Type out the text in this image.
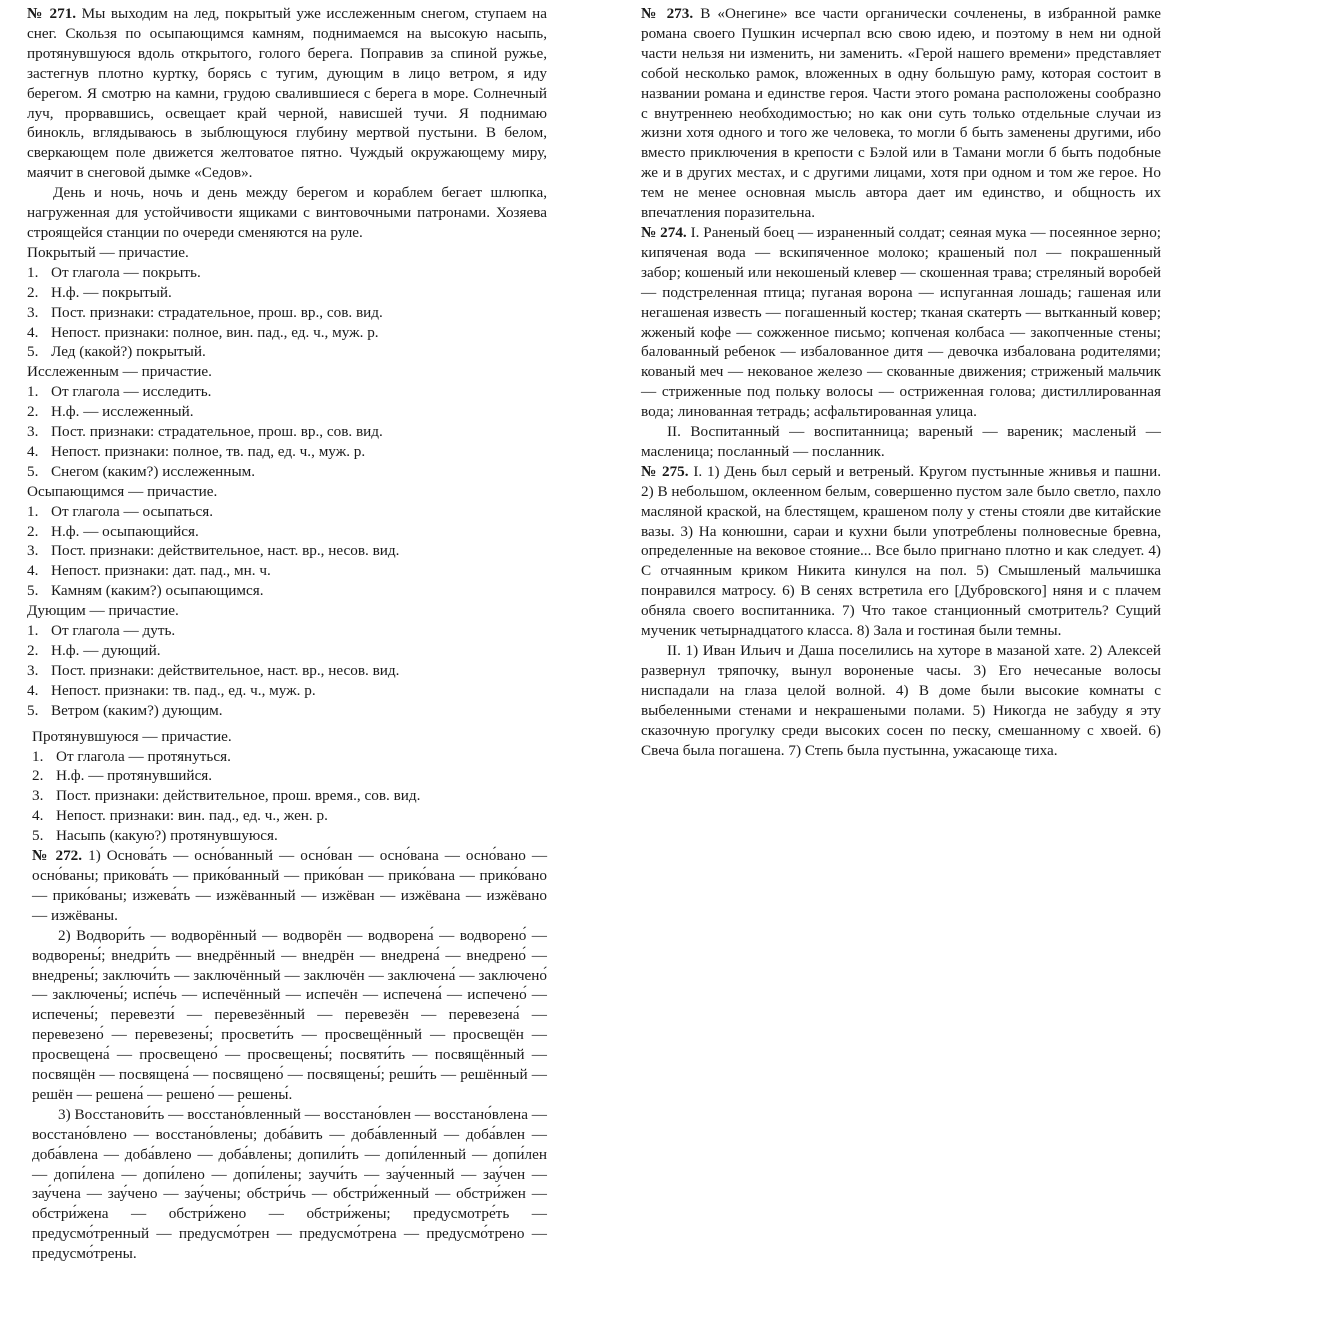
№ 271. Мы выходим на лед, покрытый уже исслеженным снегом, ступаем на снег. Скользя по осыпающимся камням, поднимаемся на высокую насыпь, протянувшуюся вдоль открытого, голого берега. Поправив за спиной ружье, застегнув плотно куртку, борясь с тугим, дующим в лицо ветром, я иду берегом. Я смотрю на камни, грудою свалившиеся с берега в море. Солнечный луч, прорвавшись, освещает край черной, нависшей тучи. Я поднимаю бинокль, вглядываюсь в зыблющуюся глубину мертвой пустыни. В белом, сверкающем поле движется желтоватое пятно. Чуждый окружающему миру, маячит в снеговой дымке «Седов».

День и ночь, ночь и день между берегом и кораблем бегает шлюпка, нагруженная для устойчивости ящиками с винтовочными патронами. Хозяева строящейся станции по очереди сменяются на руле.

Покрытый — причастие.

1. От глагола — покрыть.

2. Н.ф. — покрытый.

3. Пост. признаки: страдательное, прош. вр., сов. вид.

4. Непост. признаки: полное, вин. пад., ед. ч., муж. р.

5. Лед (какой?) покрытый.

Исслеженным — причастие.

1. От глагола — исследить.

2. Н.ф. — исслеженный.

3. Пост. признаки: страдательное, прош. вр., сов. вид.

4. Непост. признаки: полное, тв. пад, ед. ч., муж. р.

5. Снегом (каким?) исслеженным.

Осыпающимся — причастие.

1. От глагола — осыпаться.

2. Н.ф. — осыпающийся.

3. Пост. признаки: действительное, наст. вр., несов. вид.

4. Непост. признаки: дат. пад., мн. ч.

5. Камням (каким?) осыпающимся.

Дующим — причастие.

1. От глагола — дуть.

2. Н.ф. — дующий.

3. Пост. признаки: действительное, наст. вр., несов. вид.

4. Непост. признаки: тв. пад., ед. ч., муж. р.

5. Ветром (каким?) дующим.

Протянувшуюся — причастие.

1. От глагола — протянуться.

2. Н.ф. — протянувшийся.

3. Пост. признаки: действительное, прош. время., сов. вид.

4. Непост. признаки: вин. пад., ед. ч., жен. р.

5. Насыпь (какую?) протянувшуюся.

№ 272. 1) Основа́ть — осно́ванный — осно́ван — осно́вана — осно́вано — осно́ваны; прикова́ть — прико́ванный — прико́ван — прико́вана — прико́вано — прико́ваны; изжева́ть — изжёванный — изжёван — изжёвана — изжёвано — изжёваны.

2) Водвори́ть — водворённый — водворён — водворена́ — водворено́ — водворены́; внедри́ть — внедрённый — внедрён — внедрена́ — внедрено́ — внедрены́; заключи́ть — заключённый — заключён — заключена́ — заключено́ — заключены́; испе́чь — испечённый — испечён — испечена́ — испечено́ — испечены́; перевезти́ — перевезённый — перевезён — перевезена́ — перевезено́ — перевезены́; просвети́ть — просвещённый — просвещён — просвещена́ — просвещено́ — просвещены́; посвяти́ть — посвящённый — посвящён — посвящена́ — посвящено́ — посвящены́; реши́ть — решённый — решён — решена́ — решено́ — решены́.

3) Восстанови́ть — восстано́вленный — восстано́влен — восстано́влена — восстано́влено — восстано́влены; доба́вить — доба́вленный — доба́влен — доба́влена — доба́влено — доба́влены; допили́ть — допи́ленный — допи́лен — допи́лена — допи́лено — допи́лены; заучи́ть — зау́ченный — зау́чен — зау́чена — зау́чено — зау́чены; обстри́чь — обстри́женный — обстри́жен — обстри́жена — обстри́жено — обстри́жены; предусмотре́ть — предусмо́тренный — предусмо́трен — предусмо́трена — предусмо́трено — предусмо́трены.

№ 273. В «Онегине» все части органически сочленены, в избранной рамке романа своего Пушкин исчерпал всю свою идею, и поэтому в нем ни одной части нельзя ни изменить, ни заменить. «Герой нашего времени» представляет собой несколько рамок, вложенных в одну большую раму, которая состоит в названии романа и единстве героя. Части этого романа расположены сообразно с внутреннею необходимостью; но как они суть только отдельные случаи из жизни хотя одного и того же человека, то могли б быть заменены другими, ибо вместо приключения в крепости с Бэлой или в Тамани могли б быть подобные же и в других местах, и с другими лицами, хотя при одном и том же герое. Но тем не менее основная мысль автора дает им единство, и общность их впечатления поразительна.

№ 274. I. Раненый боец — израненный солдат; сеяная мука — посеянное зерно; кипяченая вода — вскипяченное молоко; крашеный пол — покрашенный забор; кошеный или некошеный клевер — скошенная трава; стреляный воробей — подстреленная птица; пуганая ворона — испуганная лошадь; гашеная или негашеная известь — погашенный костер; тканая скатерть — вытканный ковер; жженый кофе — сожженное письмо; копченая колбаса — закопченные стены; балованный ребенок — избалованное дитя — девочка избалована родителями; кованый меч — некованое железо — скованные движения; стриженый мальчик — стриженные под польку волосы — остриженная голова; дистиллированная вода; линованная тетрадь; асфальтированная улица.

II. Воспитанный — воспитанница; вареный — вареник; масленый — масленица; посланный — посланник.

№ 275. I. 1) День был серый и ветреный. Кругом пустынные жнивья и пашни. 2) В небольшом, оклеенном белым, совершенно пустом зале было светло, пахло масляной краской, на блестящем, крашеном полу у стены стояли две китайские вазы. 3) На конюшни, сараи и кухни были употреблены полновесные бревна, определенные на вековое стояние... Все было пригнано плотно и как следует. 4) С отчаянным криком Никита кинулся на пол. 5) Смышленый мальчишка понравился матросу. 6) В сенях встретила его [Дубровского] няня и с плачем обняла своего воспитанника. 7) Что такое станционный смотритель? Сущий мученик четырнадцатого класса. 8) Зала и гостиная были темны.

II. 1) Иван Ильич и Даша поселились на хуторе в мазаной хате. 2) Алексей развернул тряпочку, вынул вороненые часы. 3) Его нечесаные волосы ниспадали на глаза целой волной. 4) В доме были высокие комнаты с выбеленными стенами и некрашеными полами. 5) Никогда не забуду я эту сказочную прогулку среди высоких сосен по песку, смешанному с хвоей. 6) Свеча была погашена. 7) Степь была пустынна, ужасающе тиха.
